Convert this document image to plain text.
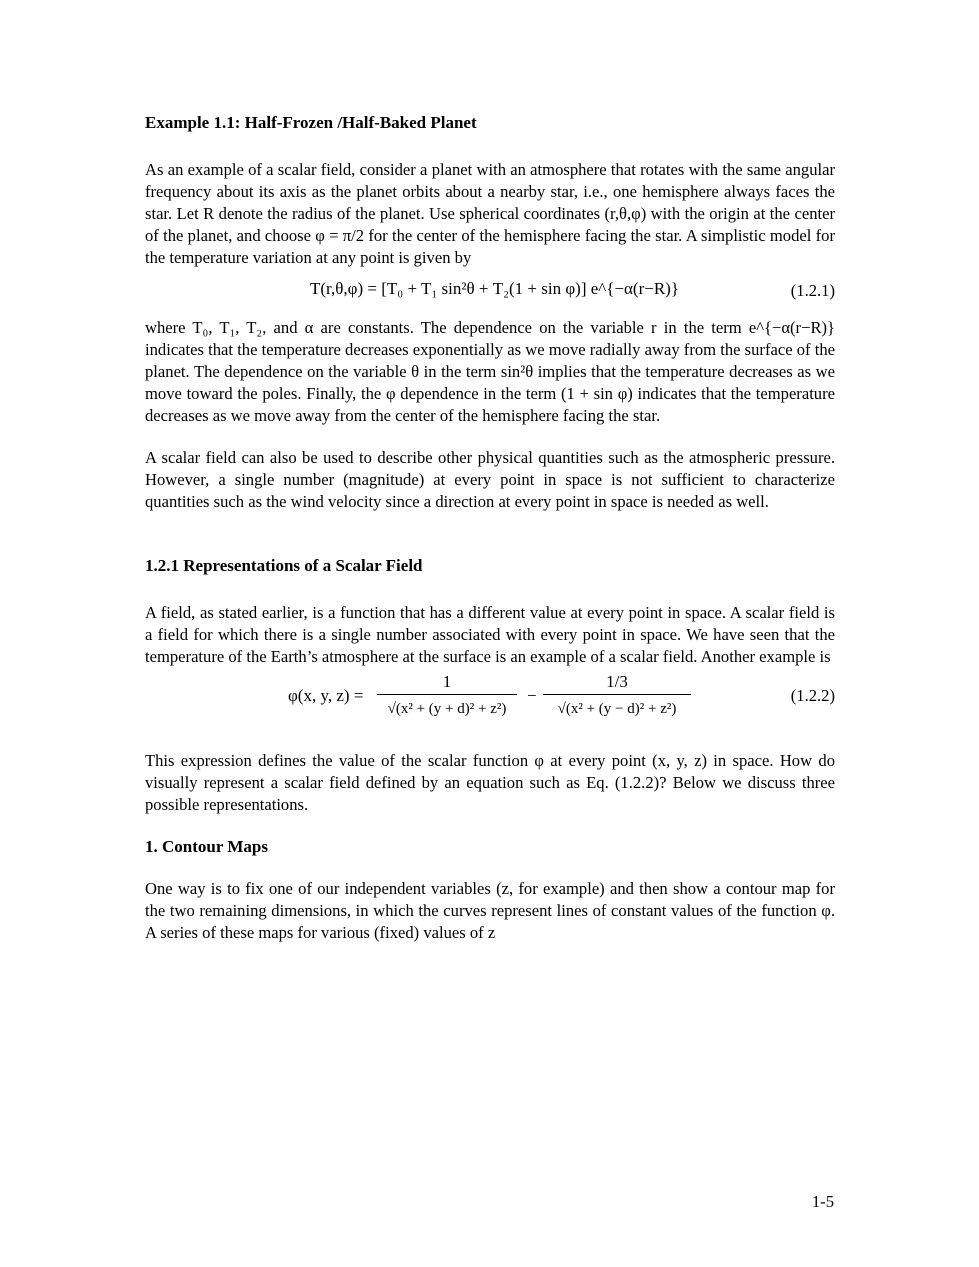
Example 1.1: Half-Frozen /Half-Baked Planet

As an example of a scalar field, consider a planet with an atmosphere that rotates with the same angular frequency about its axis as the planet orbits about a nearby star, i.e., one hemisphere always faces the star. Let R denote the radius of the planet. Use spherical coordinates (r,θ,φ) with the origin at the center of the planet, and choose φ = π/2 for the center of the hemisphere facing the star. A simplistic model for the temperature variation at any point is given by

T(r,θ,φ) = [T₀ + T₁ sin²θ + T₂(1 + sin φ)] e^{−α(r−R)}	(1.2.1)

where T₀, T₁, T₂, and α are constants. The dependence on the variable r in the term e^{−α(r−R)} indicates that the temperature decreases exponentially as we move radially away from the surface of the planet. The dependence on the variable θ in the term sin²θ implies that the temperature decreases as we move toward the poles. Finally, the φ dependence in the term (1 + sin φ) indicates that the temperature decreases as we move away from the center of the hemisphere facing the star.

A scalar field can also be used to describe other physical quantities such as the atmospheric pressure. However, a single number (magnitude) at every point in space is not sufficient to characterize quantities such as the wind velocity since a direction at every point in space is needed as well.

1.2.1 Representations of a Scalar Field

A field, as stated earlier, is a function that has a different value at every point in space. A scalar field is a field for which there is a single number associated with every point in space. We have seen that the temperature of the Earth’s atmosphere at the surface is an example of a scalar field. Another example is

φ(x, y, $z) = \frac{1}{\text{√(x² + (y + d)² + z²)}} - \frac{1/3}{\text{√(x² + (y − d)² + z²)}}$	(1.2.2)

This expression defines the value of the scalar function φ at every point (x, y, z) in space. How do visually represent a scalar field defined by an equation such as Eq. (1.2.2)? Below we discuss three possible representations.

1. Contour Maps

One way is to fix one of our independent variables (z, for example) and then show a contour map for the two remaining dimensions, in which the curves represent lines of constant values of the function φ. A series of these maps for various (fixed) values of z

1-5
